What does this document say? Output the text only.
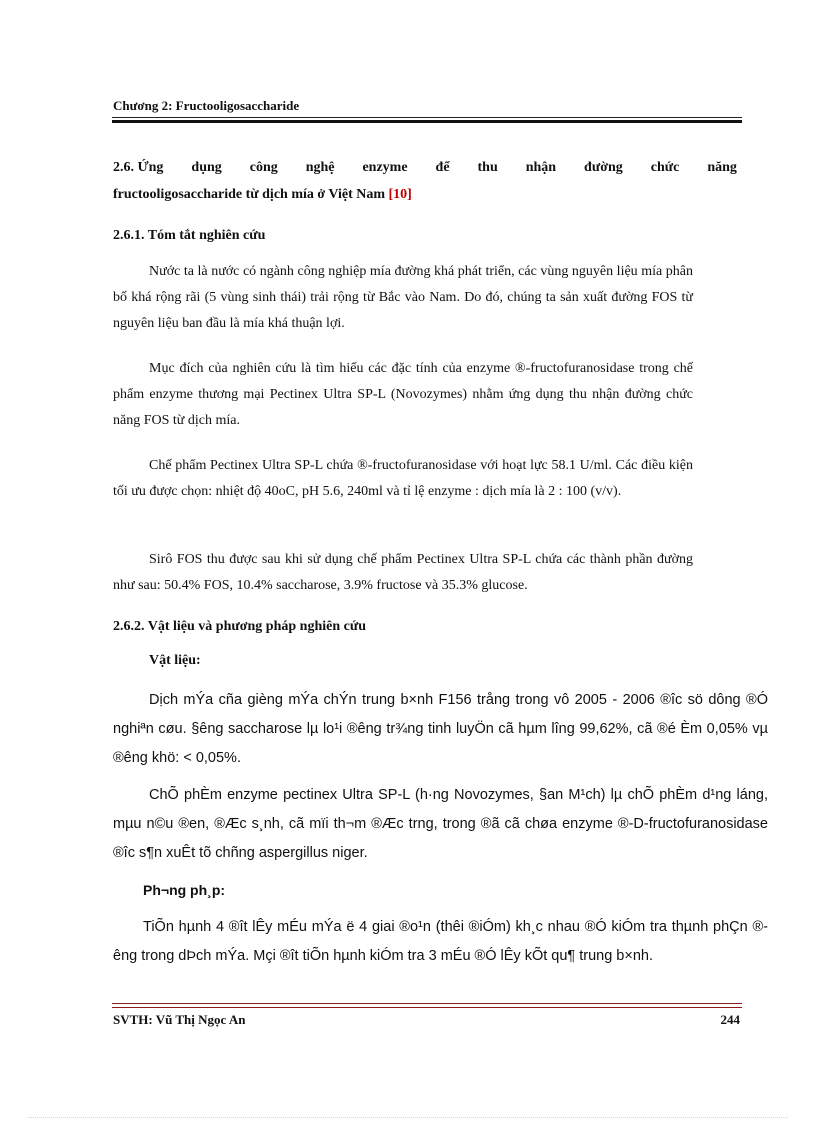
Chương 2: Fructooligosaccharide
2.6. Ứng dụng công nghệ enzyme để thu nhận đường chức năng
fructooligosaccharide từ dịch mía ở Việt Nam [10]
2.6.1. Tóm tắt nghiên cứu
Nước ta là nước có ngành công nghiệp mía đường khá phát triển, các vùng nguyên liệu mía phân bố khá rộng rãi (5 vùng sinh thái) trải rộng từ Bắc vào Nam. Do đó, chúng ta sản xuất đường FOS từ nguyên liệu ban đầu là mía khá thuận lợi.
Mục đích của nghiên cứu là tìm hiểu các đặc tính của enzyme ®-fructofuranosidase trong chế phẩm enzyme thương mại Pectinex Ultra SP-L (Novozymes) nhằm ứng dụng thu nhận đường chức năng FOS từ dịch mía.
Chế phẩm Pectinex Ultra SP-L chứa ®-fructofuranosidase với hoạt lực 58.1 U/ml. Các điều kiện tối ưu được chọn: nhiệt độ 40oC, pH 5.6, 240ml và tỉ lệ enzyme : dịch mía là 2 : 100 (v/v).
Sirô FOS thu được sau khi sử dụng chế phẩm Pectinex Ultra SP-L chứa các thành phần đường như sau: 50.4% FOS, 10.4% saccharose, 3.9% fructose và 35.3% glucose.
2.6.2. Vật liệu và phương pháp nghiên cứu
Vật liệu:
Dịch mÝa cña gièng mÝa chÝn trung b×nh F156 trång trong vô 2005 - 2006 ®îc sö dông ®Ó nghiªn cøu. §êng saccharose lµ lo¹i ®êng tr¾ng tinh luyÖn cã hµm lîng 99,62%, cã ®é Èm 0,05% vµ ®êng khö: < 0,05%.
ChÕ phÈm enzyme pectinex Ultra SP-L (h·ng Novozymes, §an M¹ch) lµ chÕ phÈm d¹ng láng, mµu n©u ®en, ®Æc s¸nh, cã mïi th¬m ®Æc trng, trong ®ã cã chøa enzyme ®-D-fructofuranosidase ®îc s¶n xuÊt tõ chñng aspergillus niger.
Ph¬ng ph¸p:
TiÕn hµnh 4 ®ît lÊy mÉu mÝa ë 4 giai ®o¹n (thêi ®iÓm) kh¸c nhau ®Ó kiÓm tra thµnh phÇn ®êng trong dÞch mÝa. Mçi ®ît tiÕn hµnh kiÓm tra 3 mÉu ®Ó lÊy kÕt qu¶ trung b×nh.
SVTH: Vũ Thị Ngọc An	244
